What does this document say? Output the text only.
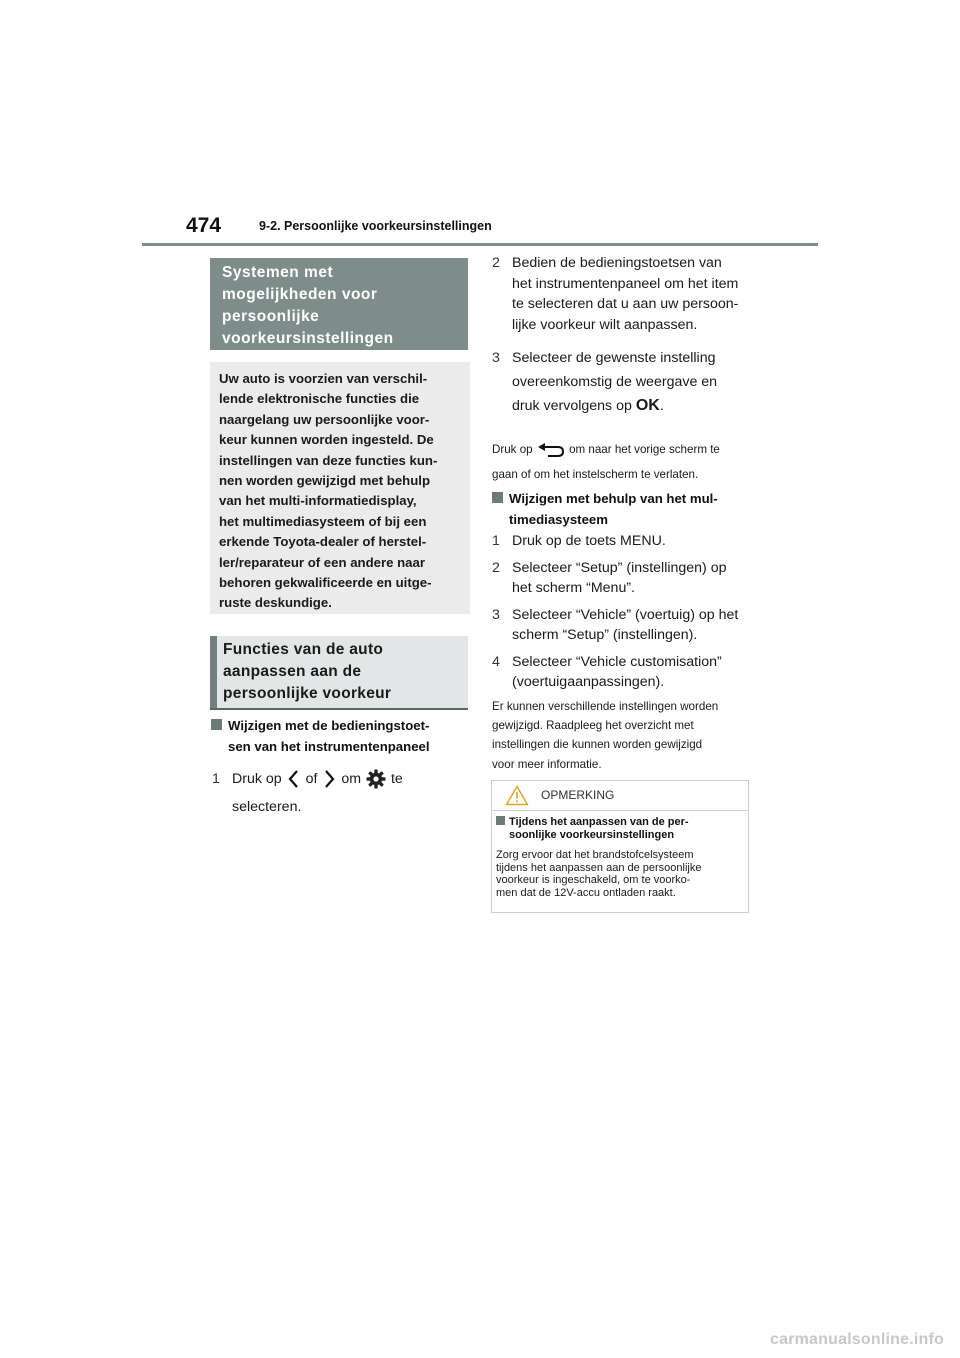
474	9-2. Persoonlijke voorkeursinstellingen
Systemen met
mogelijkheden voor
persoonlijke
voorkeursinstellingen
Uw auto is voorzien van verschil-
lende elektronische functies die
naargelang uw persoonlijke voor-
keur kunnen worden ingesteld. De
instellingen van deze functies kun-
nen worden gewijzigd met behulp
van het multi-informatiedisplay,
het multimediasysteem of bij een
erkende Toyota-dealer of herstel-
ler/reparateur of een andere naar
behoren gekwalificeerde en uitge-
ruste deskundige.
Functies van de auto
aanpassen aan de
persoonlijke voorkeur
Wijzigen met de bedieningstoet-
sen van het instrumentenpaneel
1 Druk op of om te
selecteren.
2 Bedien de bedieningstoetsen van
het instrumentenpaneel om het item
te selecteren dat u aan uw persoon-
lijke voorkeur wilt aanpassen.
3 Selecteer de gewenste instelling
overeenkomstig de weergave en
druk vervolgens op OK.
Druk op	om naar het vorige scherm te
gaan of om het instelscherm te verlaten.
Wijzigen met behulp van het mul-
timediasysteem
1 Druk op de toets MENU.
2 Selecteer “Setup” (instellingen) op
het scherm “Menu”.
3 Selecteer “Vehicle” (voertuig) op het
scherm “Setup” (instellingen).
4 Selecteer “Vehicle customisation”
(voertuigaanpassingen).
Er kunnen verschillende instellingen worden
gewijzigd. Raadpleeg het overzicht met
instellingen die kunnen worden gewijzigd
voor meer informatie.
OPMERKING
Tijdens het aanpassen van de per-
soonlijke voorkeursinstellingen
Zorg ervoor dat het brandstofcelsysteem
tijdens het aanpassen aan de persoonlijke
voorkeur is ingeschakeld, om te voorko-
men dat de 12V-accu ontladen raakt.
carmanualsonline.info
